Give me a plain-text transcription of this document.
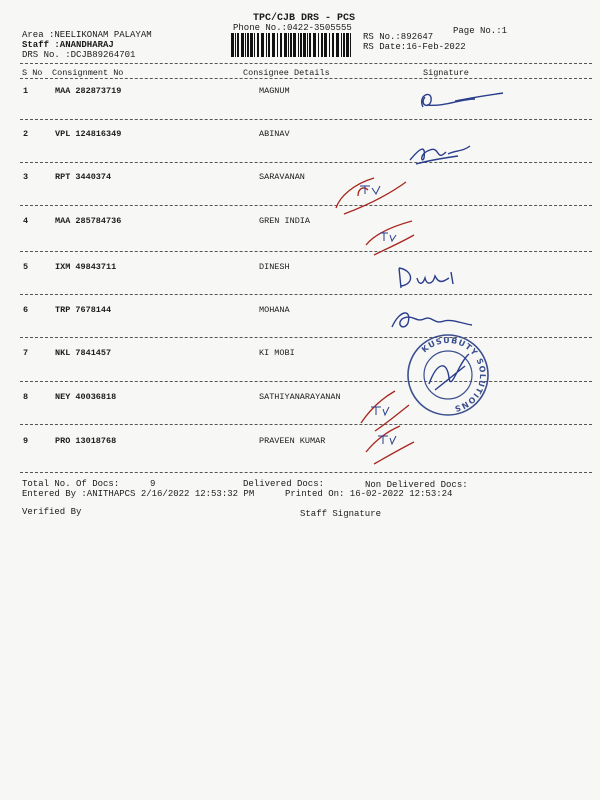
TPC/CJB DRS - PCS
Phone No.:0422-3505555
Area :NEELIKONAM PALAYAM
Staff :ANANDHARAJ
DRS No. :DCJB89264701
RS No.:892647
RS Date:16-Feb-2022
Page No.:1
S No Consignment No	Consignee Details	Signature
1	MAA 282873719	MAGNUM
2	VPL 124816349	ABINAV
3	RPT 3440374	SARAVANAN
4	MAA 285784736	GREN INDIA
5	IXM 49843711	DINESH
6	TRP 7678144	MOHANA
7	NKL 7841457	KI MOBI
8	NEY 40036818	SATHIYANARAYANAN
9	PRO 13018768	PRAVEEN KUMAR
KUSUBUTY SOLUTIONS
Total No. Of Docs:	9	Delivered Docs:	Non Delivered Docs:
Entered By :ANITHAPCS 2/16/2022 12:53:32 PM	Printed On: 16-02-2022 12:53:24
Verified By	Staff Signature
